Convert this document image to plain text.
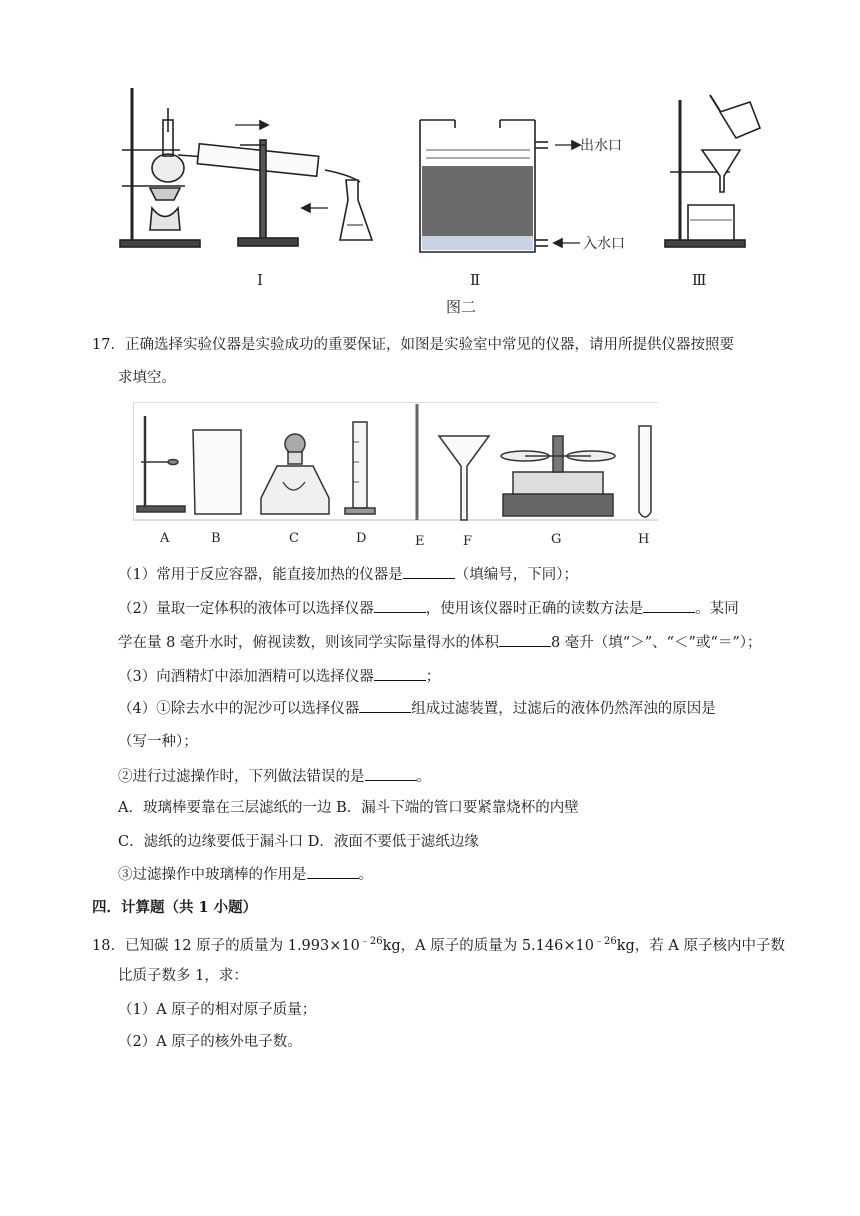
Ⅰ	Ⅱ	Ⅲ
出水口
入水口
图二
17．正确选择实验仪器是实验成功的重要保证，如图是实验室中常见的仪器，请用所提供仪器按照要
求填空。
A	B	C	D	E	F	G	H
（1）常用于反应容器，能直接加热的仪器是	（填编号，下同）；
（2）量取一定体积的液体可以选择仪器	，使用该仪器时正确的读数方法是	。某同
学在量 8 毫升水时，俯视读数，则该同学实际量得水的体积	8 毫升（填“＞”、“＜”或“＝”）；
（3）向酒精灯中添加酒精可以选择仪器	；
（4）①除去水中的泥沙可以选择仪器	组成过滤装置，过滤后的液体仍然浑浊的原因是
（写一种）；
②进行过滤操作时，下列做法错误的是	。
A．玻璃棒要靠在三层滤纸的一边 B．漏斗下端的管口要紧靠烧杯的内壁
C．滤纸的边缘要低于漏斗口 D．液面不要低于滤纸边缘
③过滤操作中玻璃棒的作用是	。
四．计算题（共 1 小题）
18．已知碳 12 原子的质量为 $1.993\times 10^{﹣26}kg$，A 原子的质量为 $5.146\times 10^{﹣26}kg$，若 A 原子核内中子数
比质子数多 1，求：
（1）A 原子的相对原子质量；
（2）A 原子的核外电子数。
